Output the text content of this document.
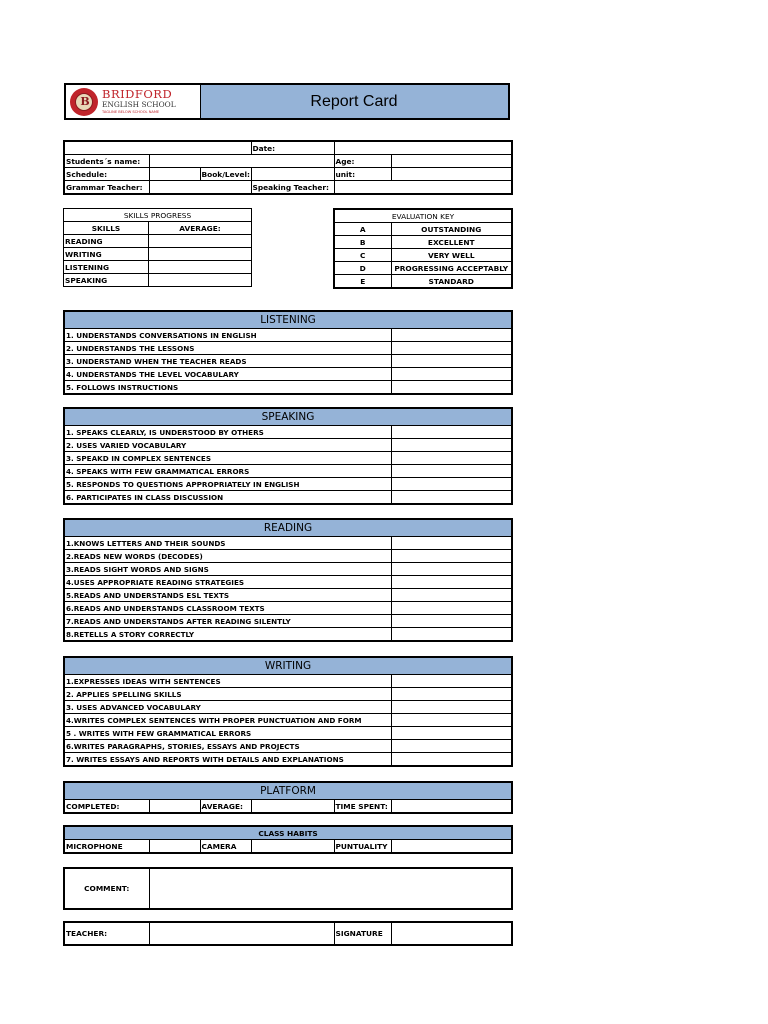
B
BRIDFORD
ENGLISH SCHOOL
TAGLINE BELOW SCHOOL NAME
Report Card
			Date:		
Students´s name:				Age:	
Schedule:		Book/Level:		unit:	
Grammar Teacher:			Speaking Teacher:		
SKILLS PROGRESS	
SKILLS	AVERAGE:
READING	
WRITING	
LISTENING	
SPEAKING	
EVALUATION KEY	
A	OUTSTANDING
B	EXCELLENT
C	VERY WELL
D	PROGRESSING ACCEPTABLY
E	STANDARD
LISTENING	
1. UNDERSTANDS CONVERSATIONS IN ENGLISH	
2. UNDERSTANDS THE LESSONS	
3. UNDERSTAND WHEN THE TEACHER READS	
4. UNDERSTANDS THE LEVEL VOCABULARY	
5. FOLLOWS INSTRUCTIONS	
SPEAKING	
1. SPEAKS CLEARLY, IS UNDERSTOOD BY OTHERS	
2. USES VARIED VOCABULARY	
3. SPEAKD IN COMPLEX SENTENCES	
4. SPEAKS WITH FEW GRAMMATICAL ERRORS	
5. RESPONDS TO QUESTIONS APPROPRIATELY IN ENGLISH	
6. PARTICIPATES IN CLASS DISCUSSION	
READING	
1.KNOWS LETTERS AND THEIR SOUNDS	
2.READS NEW WORDS (DECODES)	
3.READS SIGHT WORDS AND SIGNS	
4.USES APPROPRIATE READING STRATEGIES	
5.READS AND UNDERSTANDS ESL TEXTS	
6.READS AND UNDERSTANDS CLASSROOM TEXTS	
7.READS AND UNDERSTANDS AFTER READING SILENTLY	
8.RETELLS A STORY CORRECTLY	
WRITING	
1.EXPRESSES IDEAS WITH SENTENCES	
2. APPLIES SPELLING SKILLS	
3. USES ADVANCED VOCABULARY	
4.WRITES COMPLEX SENTENCES WITH PROPER PUNCTUATION AND FORM	
5 . WRITES WITH FEW GRAMMATICAL ERRORS	
6.WRITES PARAGRAPHS, STORIES, ESSAYS AND PROJECTS	
7. WRITES ESSAYS AND REPORTS WITH DETAILS AND EXPLANATIONS	
PLATFORM
COMPLETED:		AVERAGE:		TIME SPENT:	
CLASS HABITS
MICROPHONE		CAMERA		PUNTUALITY	
COMMENT:	
TEACHER:		SIGNATURE	
